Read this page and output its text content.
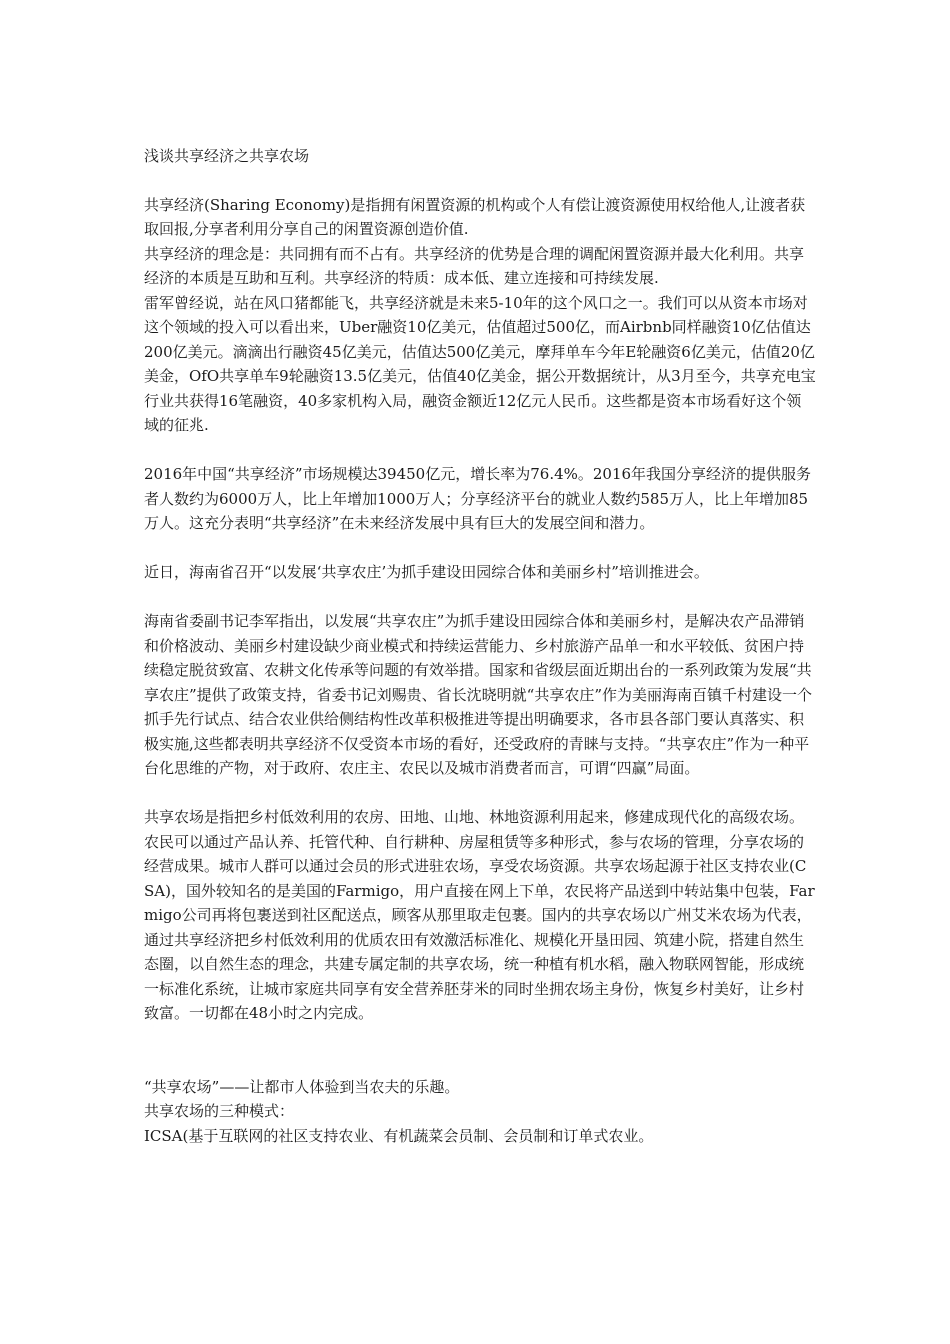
浅谈共享经济之共享农场

共享经济(Sharing Economy)是指拥有闲置资源的机构或个人有偿让渡资源使用权给他人,让渡者获取回报,分享者利用分享自己的闲置资源创造价值.

共享经济的理念是：共同拥有而不占有。共享经济的优势是合理的调配闲置资源并最大化利用。共享经济的本质是互助和互利。共享经济的特质：成本低、建立连接和可持续发展.

雷军曾经说，站在风口猪都能飞，共享经济就是未来5-10年的这个风口之一。我们可以从资本市场对这个领域的投入可以看出来，Uber融资10亿美元，估值超过500亿，而Airbnb同样融资10亿估值达200亿美元。滴滴出行融资45亿美元，估值达500亿美元，摩拜单车今年E轮融资6亿美元，估值20亿美金，OfO共享单车9轮融资13.5亿美元，估值40亿美金，据公开数据统计，从3月至今，共享充电宝行业共获得16笔融资，40多家机构入局，融资金额近12亿元人民币。这些都是资本市场看好这个领域的征兆.

2016年中国“共享经济”市场规模达39450亿元，增长率为76.4%。2016年我国分享经济的提供服务者人数约为6000万人，比上年增加1000万人；分享经济平台的就业人数约585万人，比上年增加85万人。这充分表明“共享经济”在未来经济发展中具有巨大的发展空间和潜力。

近日，海南省召开“以发展‘共享农庄’为抓手建设田园综合体和美丽乡村”培训推进会。

海南省委副书记李军指出，以发展“共享农庄”为抓手建设田园综合体和美丽乡村，是解决农产品滞销和价格波动、美丽乡村建设缺少商业模式和持续运营能力、乡村旅游产品单一和水平较低、贫困户持续稳定脱贫致富、农耕文化传承等问题的有效举措。国家和省级层面近期出台的一系列政策为发展“共享农庄”提供了政策支持，省委书记刘赐贵、省长沈晓明就“共享农庄”作为美丽海南百镇千村建设一个抓手先行试点、结合农业供给侧结构性改革积极推进等提出明确要求，各市县各部门要认真落实、积极实施,这些都表明共享经济不仅受资本市场的看好，还受政府的青睐与支持。“共享农庄”作为一种平台化思维的产物，对于政府、农庄主、农民以及城市消费者而言，可谓“四赢”局面。

共享农场是指把乡村低效利用的农房、田地、山地、林地资源利用起来，修建成现代化的高级农场。农民可以通过产品认养、托管代种、自行耕种、房屋租赁等多种形式，参与农场的管理，分享农场的经营成果。城市人群可以通过会员的形式进驻农场，享受农场资源。共享农场起源于社区支持农业(CSA)，国外较知名的是美国的Farmigo，用户直接在网上下单，农民将产品送到中转站集中包装，Farmigo公司再将包裹送到社区配送点，顾客从那里取走包裹。国内的共享农场以广州艾米农场为代表，通过共享经济把乡村低效利用的优质农田有效激活标准化、规模化开垦田园、筑建小院，搭建自然生态圈，以自然生态的理念，共建专属定制的共享农场，统一种植有机水稻，融入物联网智能，形成统一标准化系统，让城市家庭共同享有安全营养胚芽米的同时坐拥农场主身份，恢复乡村美好，让乡村致富。一切都在48小时之内完成。

“共享农场”——让都市人体验到当农夫的乐趣。

共享农场的三种模式：

ICSA(基于互联网的社区支持农业、有机蔬菜会员制、会员制和订单式农业。
